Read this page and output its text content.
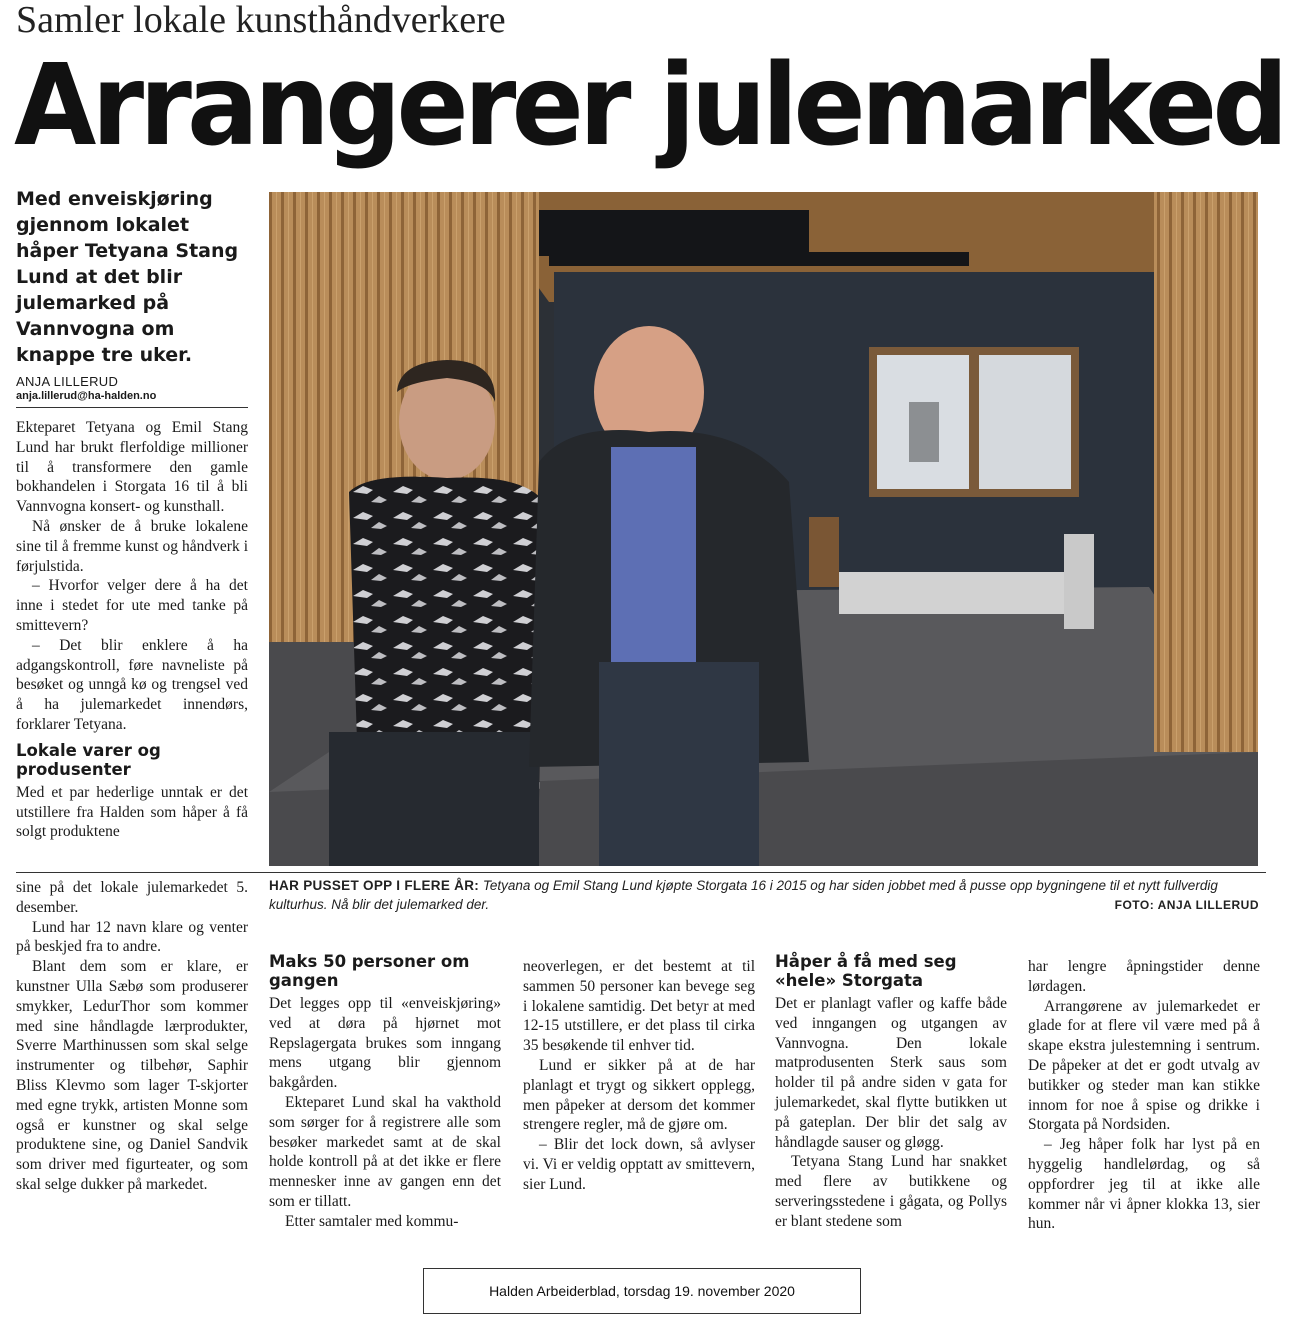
Samler lokale kunsthåndverkere
Arrangerer julemarked
Med enveiskjøring gjennom lokalet håper Tetyana Stang Lund at det blir julemarked på Vannvogna om knappe tre uker.
ANJA LILLERUD
anja.lillerud@ha-halden.no

Ekteparet Tetyana og Emil Stang Lund har brukt flerfoldige millioner til å transformere den gamle bokhandelen i Storgata 16 til å bli Vannvogna konsert- og kunsthall.

Nå ønsker de å bruke lokalene sine til å fremme kunst og håndverk i førjulstida.

– Hvorfor velger dere å ha det inne i stedet for ute med tanke på smittevern?

– Det blir enklere å ha adgangskontroll, føre navneliste på besøket og unngå kø og trengsel ved å ha julemarkedet innendørs, forklarer Tetyana.

Lokale varer og produsenter

Med et par hederlige unntak er det utstillere fra Halden som håper å få solgt produktene

sine på det lokale julemarkedet 5. desember.

Lund har 12 navn klare og venter på beskjed fra to andre.

Blant dem som er klare, er kunstner Ulla Sæbø som produserer smykker, LedurThor som kommer med sine håndlagde lærprodukter, Sverre Marthinussen som skal selge instrumenter og tilbehør, Saphir Bliss Klevmo som lager T-skjorter med egne trykk, artisten Monne som også er kunstner og skal selge produktene sine, og Daniel Sandvik som driver med figurteater, og som skal selge dukker på markedet.

HAR PUSSET OPP I FLERE ÅR: Tetyana og Emil Stang Lund kjøpte Storgata 16 i 2015 og har siden jobbet med å pusse opp bygningene til et nytt fullverdig kulturhus. Nå blir det julemarked der.	FOTO: ANJA LILLERUD
Maks 50 personer om gangen

Det legges opp til «enveiskjøring» ved at døra på hjørnet mot Repslagergata brukes som inngang mens utgang blir gjennom bakgården.

Ekteparet Lund skal ha vakthold som sørger for å registrere alle som besøker markedet samt at de skal holde kontroll på at det ikke er flere mennesker inne av gangen enn det som er tillatt.

Etter samtaler med kommu-

neoverlegen, er det bestemt at til sammen 50 personer kan bevege seg i lokalene samtidig. Det betyr at med 12-15 utstillere, er det plass til cirka 35 besøkende til enhver tid.

Lund er sikker på at de har planlagt et trygt og sikkert opplegg, men påpeker at dersom det kommer strengere regler, må de gjøre om.

– Blir det lock down, så avlyser vi. Vi er veldig opptatt av smittevern, sier Lund.

Håper å få med seg «hele» Storgata

Det er planlagt vafler og kaffe både ved inngangen og utgangen av Vannvogna. Den lokale matprodusenten Sterk saus som holder til på andre siden v gata for julemarkedet, skal flytte butikken ut på gateplan. Der blir det salg av håndlagde sauser og gløgg.

Tetyana Stang Lund har snakket med flere av butikkene og serveringsstedene i gågata, og Pollys er blant stedene som

har lengre åpningstider denne lørdagen.

Arrangørene av julemarkedet er glade for at flere vil være med på å skape ekstra julestemning i sentrum. De påpeker at det er godt utvalg av butikker og steder man kan stikke innom for noe å spise og drikke i Storgata på Nordsiden.

– Jeg håper folk har lyst på en hyggelig handlelørdag, og så oppfordrer jeg til at ikke alle kommer når vi åpner klokka 13, sier hun.

Halden Arbeiderblad, torsdag 19. november 2020
